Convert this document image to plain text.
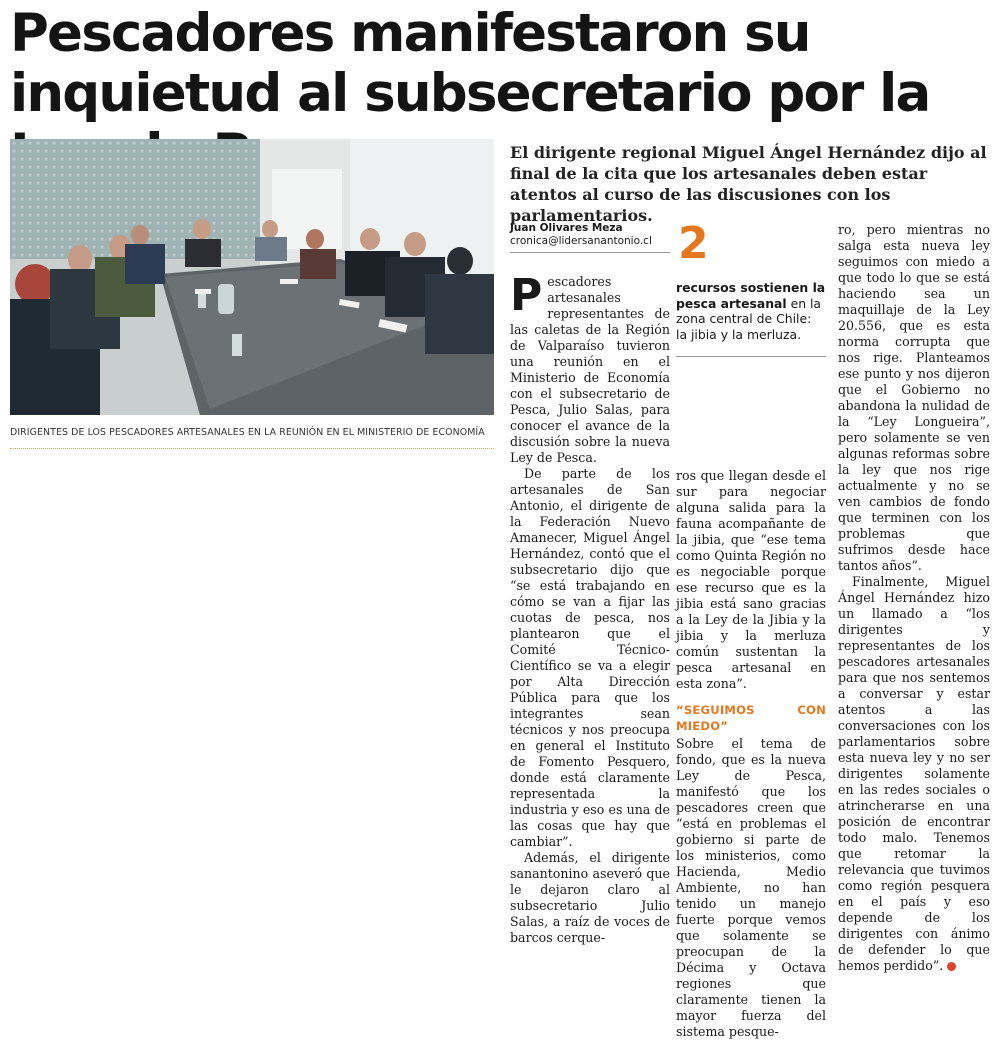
Pescadores manifestaron su inquietud al subsecretario por la

DIRIGENTES DE LOS PESCADORES ARTESANALES EN LA REUNIÓN EN EL MINISTERIO DE ECONOMÍA

El dirigente regional Miguel Ángel Hernández dijo al final de la cita que los artesanales deben estar atentos al curso de las discusiones con los parlamentarios.

Juan Olivares Meza
cronica@lidersanantonio.cl

Pescadores artesanales representantes de las caletas de la Región de Valparaíso tuvieron una reunión en el Ministerio de Economía con el subsecretario de Pesca, Julio Salas, para conocer el avance de la discusión sobre la nueva Ley de Pesca.

De parte de los artesanales de San Antonio, el dirigente de la Federación Nuevo Amanecer, Miguel Ángel Hernández, contó que el subsecretario dijo que “se está trabajando en cómo se van a fijar las cuotas de pesca, nos plantearon que el Comité Técnico-Científico se va a elegir por Alta Dirección Pública para que los integrantes sean técnicos y nos preocupa en general el Instituto de Fomento Pesquero, donde está claramente representada la industria y eso es una de las cosas que hay que cambiar”.

Además, el dirigente sanantonino aseveró que le dejaron claro al subsecretario Julio Salas, a raíz de voces de barcos cerque-

2
recursos sostienen la pesca artesanal en la zona central de Chile: la jibia y la merluza.

ros que llegan desde el sur para negociar alguna salida para la fauna acompañante de la jibia, que “ese tema como Quinta Región no es negociable porque ese recurso que es la jibia está sano gracias a la Ley de la Jibia y la jibia y la merluza común sustentan la pesca artesanal en esta zona”.

“SEGUIMOS CON MIEDO”

Sobre el tema de fondo, que es la nueva Ley de Pesca, manifestó que los pescadores creen que “está en problemas el gobierno si parte de los ministerios, como Hacienda, Medio Ambiente, no han tenido un manejo fuerte porque vemos que solamente se preocupan de la Décima y Octava regiones que claramente tienen la mayor fuerza del sistema pesque-

ro, pero mientras no salga esta nueva ley seguimos con miedo a que todo lo que se está haciendo sea un maquillaje de la Ley 20.556, que es esta norma corrupta que nos rige. Planteamos ese punto y nos dijeron que el Gobierno no abandona la nulidad de la “Ley Longueira”, pero solamente se ven algunas reformas sobre la ley que nos rige actualmente y no se ven cambios de fondo que terminen con los problemas que sufrimos desde hace tantos años”.

Finalmente, Miguel Ángel Hernández hizo un llamado a “los dirigentes y representantes de los pescadores artesanales para que nos sentemos a conversar y estar atentos a las conversaciones con los parlamentarios sobre esta nueva ley y no ser dirigentes solamente en las redes sociales o atrincherarse en una posición de encontrar todo malo. Tenemos que retomar la relevancia que tuvimos como región pesquera en el país y eso depende de los dirigentes con ánimo de defender lo que hemos perdido”.
